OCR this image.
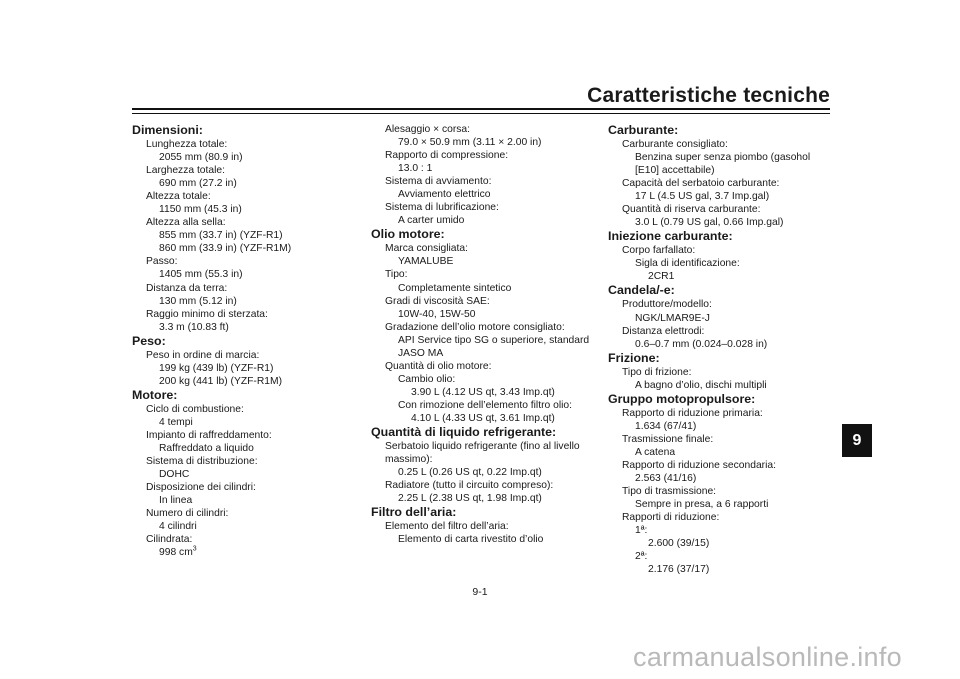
Caratteristiche tecniche
Dimensioni:
Lunghezza totale:
2055 mm (80.9 in)
Larghezza totale:
690 mm (27.2 in)
Altezza totale:
1150 mm (45.3 in)
Altezza alla sella:
855 mm (33.7 in) (YZF-R1)
860 mm (33.9 in) (YZF-R1M)
Passo:
1405 mm (55.3 in)
Distanza da terra:
130 mm (5.12 in)
Raggio minimo di sterzata:
3.3 m (10.83 ft)
Peso:
Peso in ordine di marcia:
199 kg (439 lb) (YZF-R1)
200 kg (441 lb) (YZF-R1M)
Motore:
Ciclo di combustione:
4 tempi
Impianto di raffreddamento:
Raffreddato a liquido
Sistema di distribuzione:
DOHC
Disposizione dei cilindri:
In linea
Numero di cilindri:
4 cilindri
Cilindrata:
998 $cm^3$
Alesaggio × corsa:
79.0 × 50.9 mm (3.11 × 2.00 in)
Rapporto di compressione:
13.0 : 1
Sistema di avviamento:
Avviamento elettrico
Sistema di lubrificazione:
A carter umido
Olio motore:
Marca consigliata:
YAMALUBE
Tipo:
Completamente sintetico
Gradi di viscosità SAE:
10W-40, 15W-50
Gradazione dell’olio motore consigliato:
API Service tipo SG o superiore, standard
JASO MA
Quantità di olio motore:
Cambio olio:
3.90 L (4.12 US qt, 3.43 Imp.qt)
Con rimozione dell’elemento filtro olio:
4.10 L (4.33 US qt, 3.61 Imp.qt)
Quantità di liquido refrigerante:
Serbatoio liquido refrigerante (fino al livello
massimo):
0.25 L (0.26 US qt, 0.22 Imp.qt)
Radiatore (tutto il circuito compreso):
2.25 L (2.38 US qt, 1.98 Imp.qt)
Filtro dell’aria:
Elemento del filtro dell’aria:
Elemento di carta rivestito d’olio
Carburante:
Carburante consigliato:
Benzina super senza piombo (gasohol
[E10] accettabile)
Capacità del serbatoio carburante:
17 L (4.5 US gal, 3.7 Imp.gal)
Quantità di riserva carburante:
3.0 L (0.79 US gal, 0.66 Imp.gal)
Iniezione carburante:
Corpo farfallato:
Sigla di identificazione:
2CR1
Candela/-e:
Produttore/modello:
NGK/LMAR9E-J
Distanza elettrodi:
0.6–0.7 mm (0.024–0.028 in)
Frizione:
Tipo di frizione:
A bagno d’olio, dischi multipli
Gruppo motopropulsore:
Rapporto di riduzione primaria:
1.634 (67/41)
Trasmissione finale:
A catena
Rapporto di riduzione secondaria:
2.563 (41/16)
Tipo di trasmissione:
Sempre in presa, a 6 rapporti
Rapporti di riduzione:
1ª:
2.600 (39/15)
2ª:
2.176 (37/17)
9
9-1
carmanualsonline.info
